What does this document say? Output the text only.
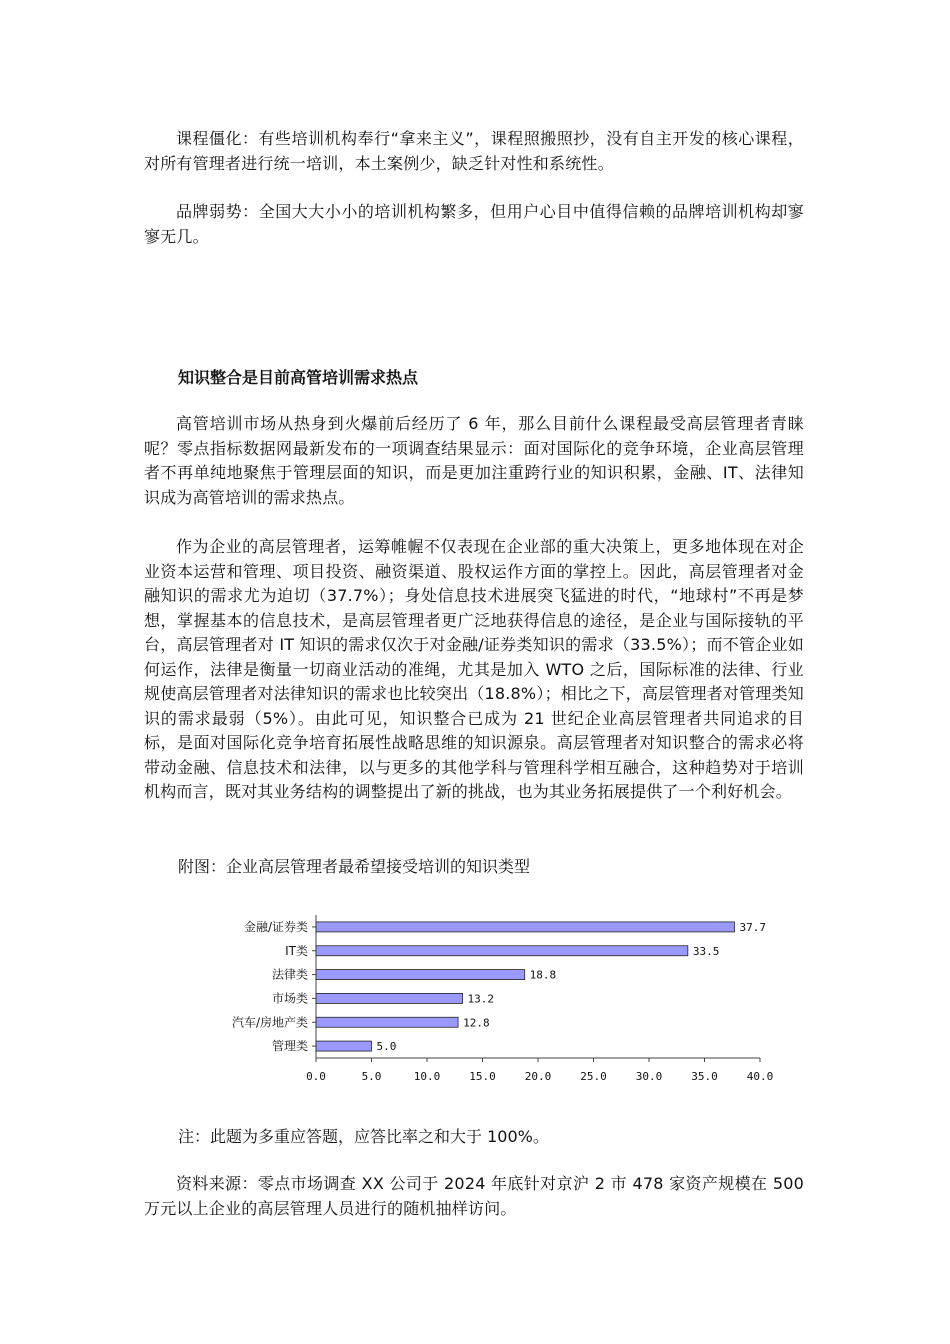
课程僵化：有些培训机构奉行“拿来主义”，课程照搬照抄，没有自主开发的核心课程，对所有管理者进行统一培训，本土案例少，缺乏针对性和系统性。

品牌弱势：全国大大小小的培训机构繁多，但用户心目中值得信赖的品牌培训机构却寥寥无几。

知识整合是目前高管培训需求热点

高管培训市场从热身到火爆前后经历了 6 年，那么目前什么课程最受高层管理者青睐呢？零点指标数据网最新发布的一项调查结果显示：面对国际化的竞争环境，企业高层管理者不再单纯地聚焦于管理层面的知识，而是更加注重跨行业的知识积累，金融、IT、法律知识成为高管培训的需求热点。

作为企业的高层管理者，运筹帷幄不仅表现在企业部的重大决策上，更多地体现在对企业资本运营和管理、项目投资、融资渠道、股权运作方面的掌控上。因此，高层管理者对金融知识的需求尤为迫切（37.7%）；身处信息技术进展突飞猛进的时代，“地球村”不再是梦想，掌握基本的信息技术，是高层管理者更广泛地获得信息的途径，是企业与国际接轨的平台，高层管理者对 IT 知识的需求仅次于对金融/证券类知识的需求（33.5%）；而不管企业如何运作，法律是衡量一切商业活动的准绳，尤其是加入 WTO 之后，国际标准的法律、行业规使高层管理者对法律知识的需求也比较突出（18.8%）；相比之下，高层管理者对管理类知识的需求最弱（5%）。由此可见，知识整合已成为 21 世纪企业高层管理者共同追求的目标，是面对国际化竞争培育拓展性战略思维的知识源泉。高层管理者对知识整合的需求必将带动金融、信息技术和法律，以与更多的其他学科与管理科学相互融合，这种趋势对于培训机构而言，既对其业务结构的调整提出了新的挑战，也为其业务拓展提供了一个利好机会。

附图：企业高层管理者最希望接受培训的知识类型

注：此题为多重应答题，应答比率之和大于 100%。

资料来源：零点市场调查 XX 公司于 2024 年底针对京沪 2 市 478 家资产规模在 500 万元以上企业的高层管理人员进行的随机抽样访问。

金融/证券类	37.7
IT类	33.5
法律类	18.8
市场类	13.2
汽车/房地产类	12.8
管理类	5.0
0.0	5.0	10.0	15.0	20.0	25.0	30.0	35.0	40.0
